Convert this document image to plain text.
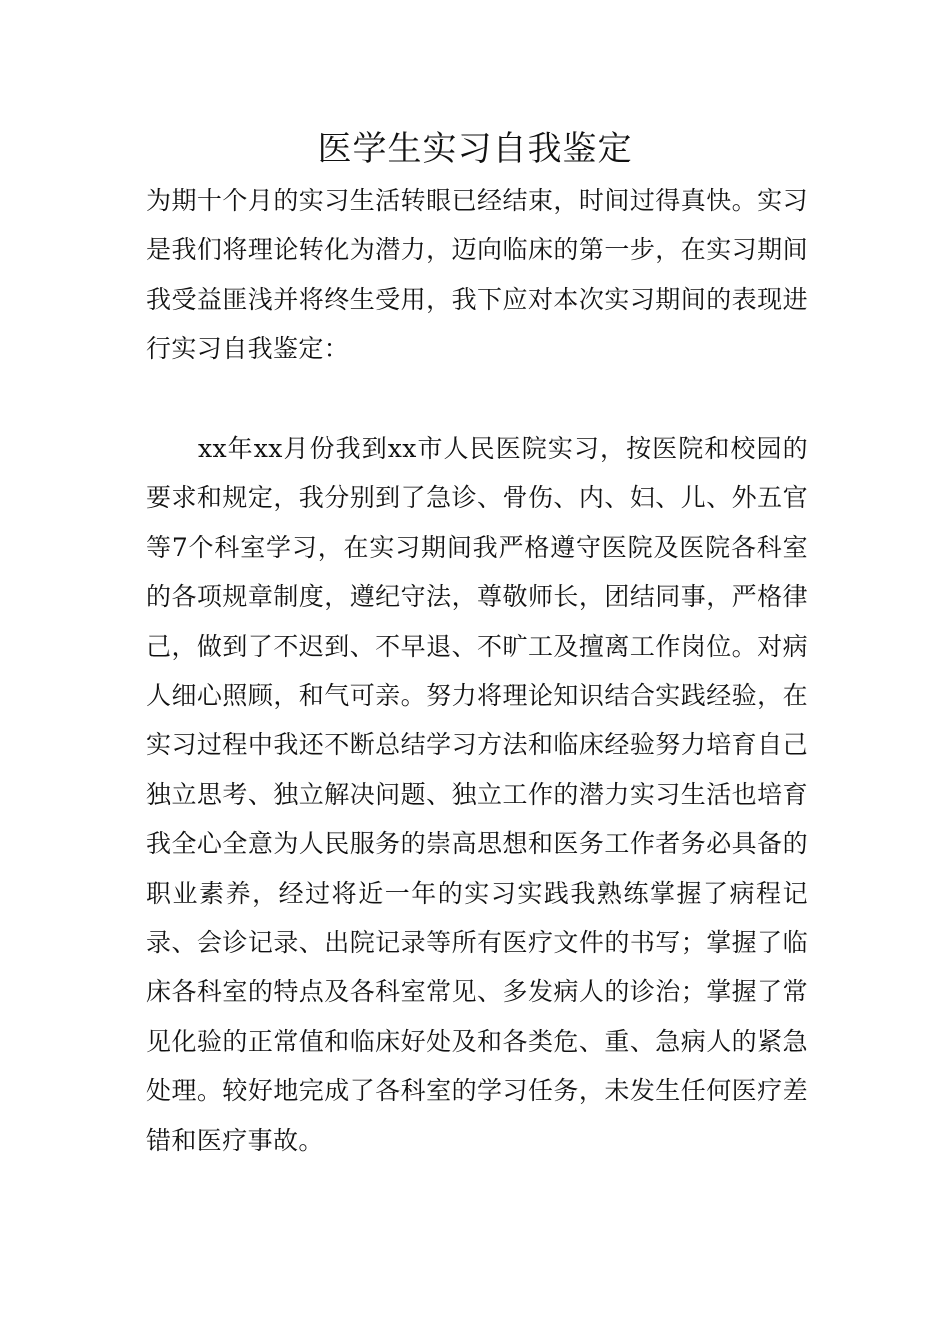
医学生实习自我鉴定

为期十个月的实习生活转眼已经结束，时间过得真快。实习是我们将理论转化为潜力，迈向临床的第一步，在实习期间我受益匪浅并将终生受用，我下应对本次实习期间的表现进行实习自我鉴定：

xx年xx月份我到xx市人民医院实习，按医院和校园的要求和规定，我分别到了急诊、骨伤、内、妇、儿、外五官等7个科室学习，在实习期间我严格遵守医院及医院各科室的各项规章制度，遵纪守法，尊敬师长，团结同事，严格律己，做到了不迟到、不早退、不旷工及擅离工作岗位。对病人细心照顾，和气可亲。努力将理论知识结合实践经验，在实习过程中我还不断总结学习方法和临床经验努力培育自己独立思考、独立解决问题、独立工作的潜力实习生活也培育我全心全意为人民服务的崇高思想和医务工作者务必具备的职业素养，经过将近一年的实习实践我熟练掌握了病程记录、会诊记录、出院记录等所有医疗文件的书写；掌握了临床各科室的特点及各科室常见、多发病人的诊治；掌握了常见化验的正常值和临床好处及和各类危、重、急病人的紧急处理。较好地完成了各科室的学习任务，未发生任何医疗差错和医疗事故。
